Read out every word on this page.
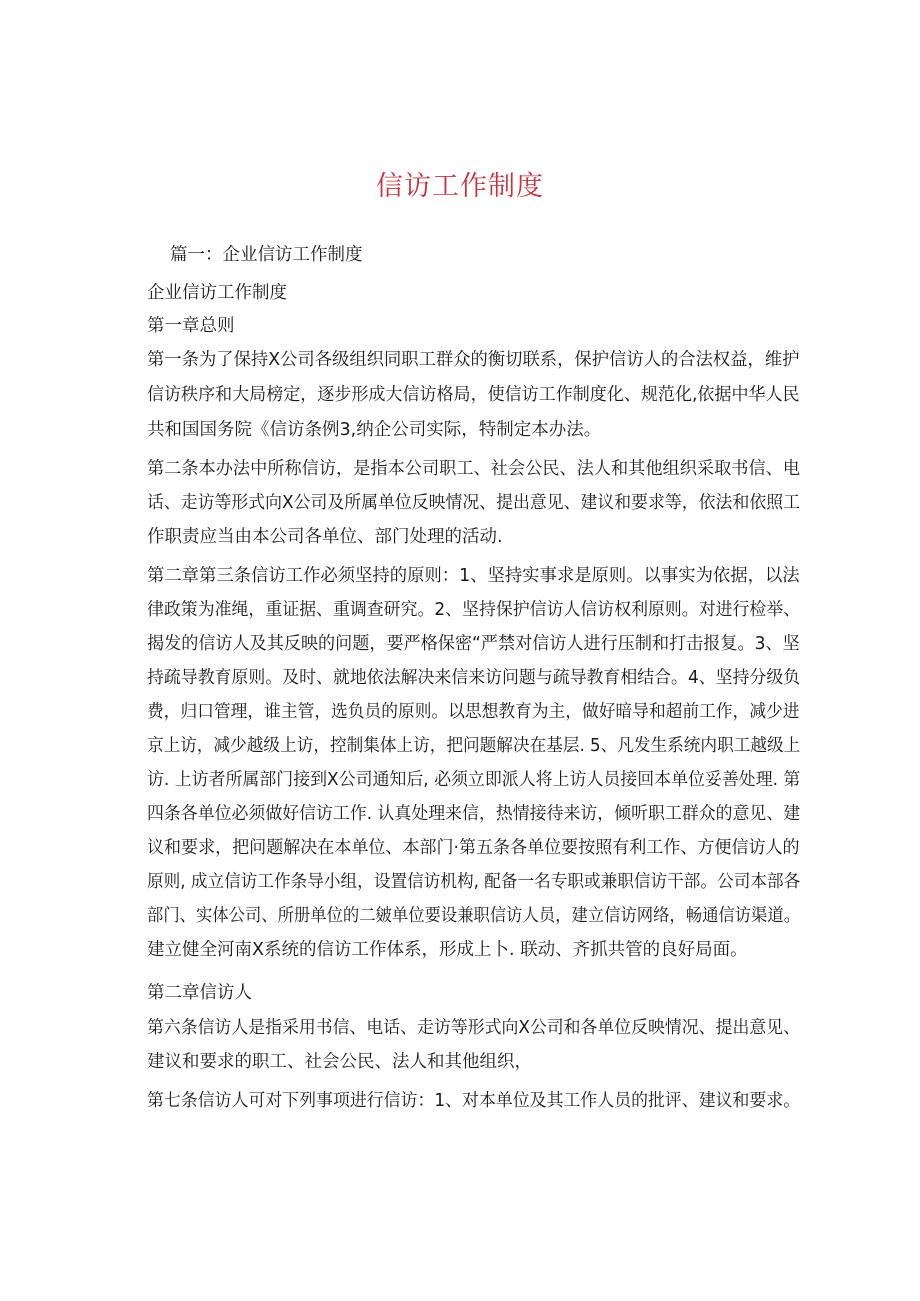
信访工作制度
篇一：企业信访工作制度
企业信访工作制度
第一章总则
第一条为了保持X公司各级组织同职工群众的衡切联系，保护信访人的合法权益，维护
信访秩序和大局榜定，逐步形成大信访格局，使信访工作制度化、规范化,依据中华人民
共和国国务院《信访条例3,纳企公司实际，特制定本办法。
第二条本办法中所称信访，是指本公司职工、社会公民、法人和其他组织采取书信、电
话、走访等形式向X公司及所属单位反映情况、提出意见、建议和要求等，依法和依照工
作职责应当由本公司各单位、部门处理的活动.
第二章第三条信访工作必须坚持的原则：1、坚持实事求是原则。以事实为依据，以法
律政策为准绳，重证据、重调查研究。2、坚持保护信访人信访权利原则。对进行检举、
揭发的信访人及其反映的问题，要严格保密“严禁对信访人进行压制和打击报复。3、坚
持疏导教育原则。及时、就地依法解决来信来访问题与疏导教育相结合。4、坚持分级负
费，归口管理，谁主管，选负员的原则。以思想教育为主，做好暗导和超前工作，减少进
京上访，减少越级上访，控制集体上访，把问题解决在基层. 5、凡发生系统内职工越级上
访. 上访者所属部门接到X公司通知后, 必须立即派人将上访人员接回本单位妥善处理. 第
四条各单位必须做好信访工作. 认真处理来信，热情接待来访，倾听职工群众的意见、建
议和要求，把问题解决在本单位、本部门·第五条各单位要按照有利工作、方便信访人的
原则, 成立信访工作条导小组，设置信访机构, 配备一名专职或兼职信访干部。公司本部各
部门、实体公司、所册单位的二皴单位要设兼职信访人员，建立信访网络，畅通信访渠道。
建立健全河南X系统的信访工作体系，形成上卜. 联动、齐抓共管的良好局面。
第二章信访人
第六条信访人是指采用书信、电话、走访等形式向X公司和各单位反映情况、提出意见、
建议和要求的职工、社会公民、法人和其他组织，
第七条信访人可对下列事项进行信访：1、对本单位及其工作人员的批评、建议和要求。
